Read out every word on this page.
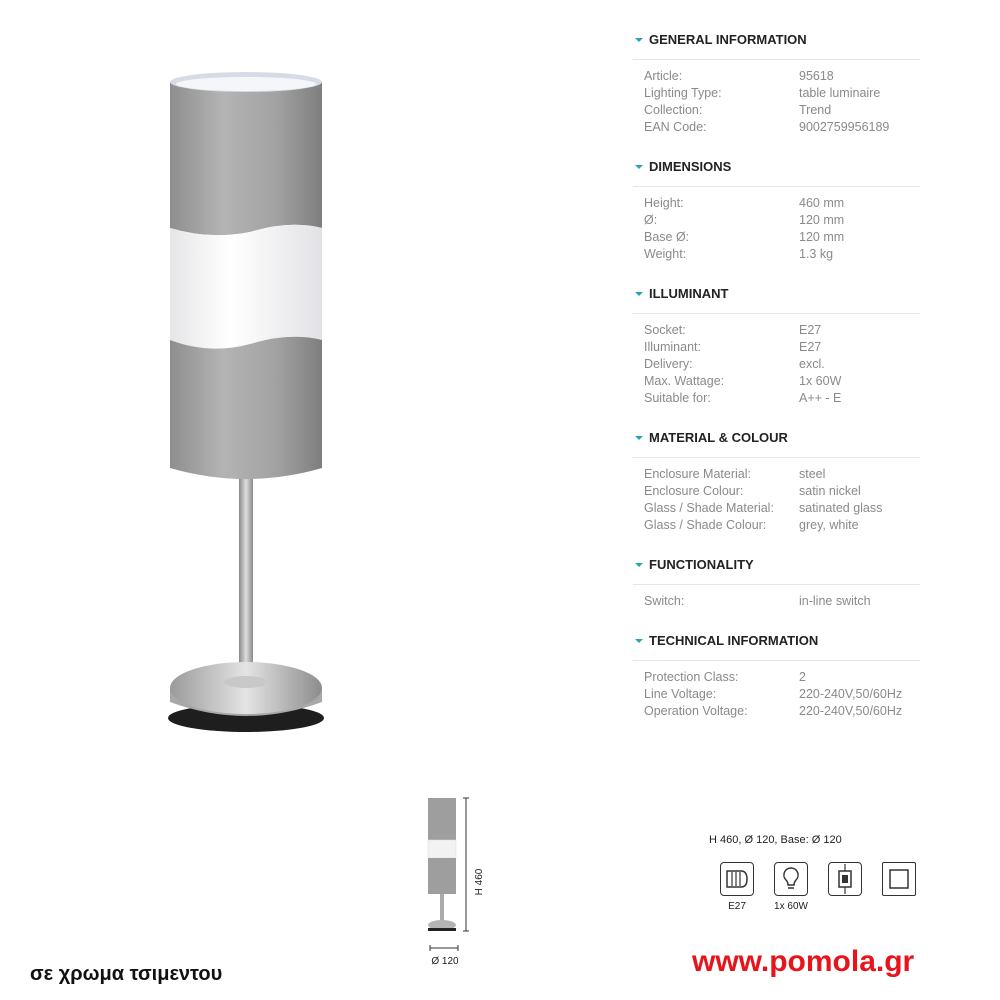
GENERAL INFORMATION
Article:	95618
Lighting Type:	table luminaire
Collection:	Trend
EAN Code:	9002759956189
DIMENSIONS
Height:	460 mm
Ø:	120 mm
Base Ø:	120 mm
Weight:	1.3 kg
ILLUMINANT
Socket:	E27
Illuminant:	E27
Delivery:	excl.
Max. Wattage:	1x 60W
Suitable for:	A++ - E
MATERIAL & COLOUR
Enclosure Material:	steel
Enclosure Colour:	satin nickel
Glass / Shade Material:	satinated glass
Glass / Shade Colour:	grey, white
FUNCTIONALITY
Switch:	in-line switch
TECHNICAL INFORMATION
Protection Class:	2
Line Voltage:	220-240V,50/60Hz
Operation Voltage:	220-240V,50/60Hz
H 460
Ø 120
H 460, Ø 120, Base: Ø 120
E27	1x 60W
σε χρωμα τσιμεντου	www.pomola.gr
